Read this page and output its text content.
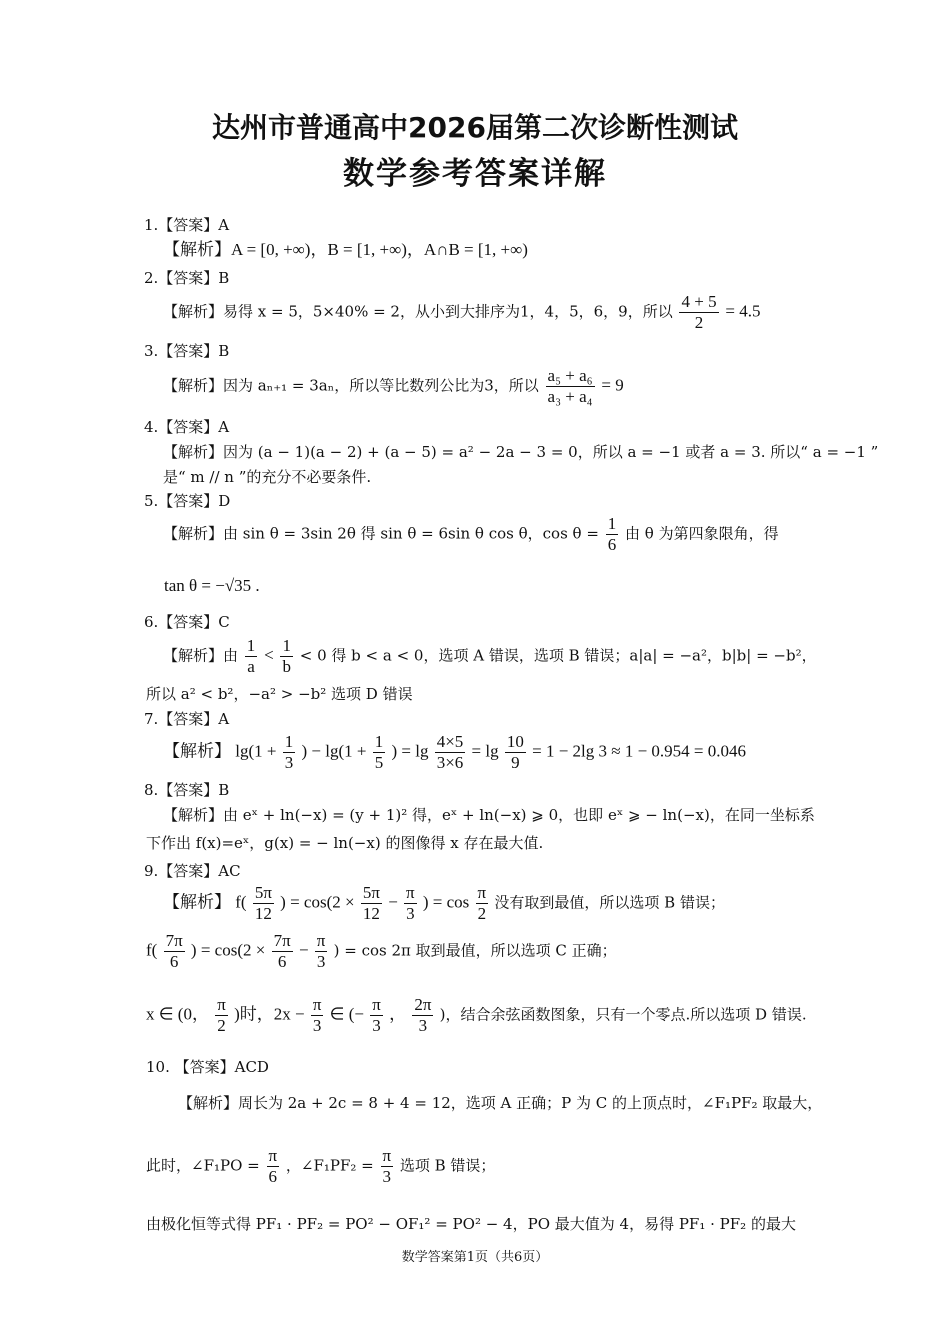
达州市普通高中2026届第二次诊断性测试
数学参考答案详解
1.【答案】A
【解析】A = [0, +∞)，B = [1, +∞)，A∩B = [1, +∞)
2.【答案】B
【解析】易得 x = 5，5×40% = 2，从小到大排序为1，4，5，6，9，所以 $\frac{4 + 5}{2} = 4.5$
3.【答案】B
【解析】因为 aₙ₊₁ = 3aₙ，所以等比数列公比为3，所以 $\frac{\text{a₅ + a₆}}{\text{a₃ + a₄}} = 9$
4.【答案】A
【解析】因为 (a − 1)(a − 2) + (a − 5) = a² − 2a − 3 = 0，所以 a = −1 或者 a = 3. 所以“ a = −1 ”
是“ m // n ”的充分不必要条件.
5.【答案】D
【解析】由 sin θ = 3sin 2θ 得 sin θ = 6sin θ cos θ，$\cos \theta = \frac{1}{6}$ 由 θ 为第四象限角，得
tan θ = −√35 .
6.【答案】C
【解析】由 $\frac{1}{a} < \frac{1}{b} < 0$ 得 b < a < 0，选项 A 错误，选项 B 错误；a|a| = −a²，b|b| = −b²，
所以 a² < b²，−a² > −b² 选项 D 错误
7.【答案】A
【解析】 $\lg(1 + \frac{1}{3}$ ) − $\lg(1 + \frac{1}{5}$ ) = $\lg \frac{4\times 5}{3\times 6} = \lg \frac{10}{9} = 1 - 2\lg$ 3 ≈ 1 − 0.954 = 0.046
8.【答案】B
【解析】由 eˣ + ln(−x) = (y + 1)² 得，eˣ + ln(−x) ⩾ 0，也即 eˣ ⩾ − ln(−x)，在同一坐标系
下作出 f(x)=eˣ，g(x) = − ln(−x) 的图像得 x 存在最大值.
9.【答案】AC
【解析】 $f( \frac{5\pi}{12}$ ) = $\cos(2 \times \frac{5\pi}{12} - \frac{\pi}{3}$ ) = $\cos \frac{\pi}{2}$ 没有取到最值，所以选项 B 错误；
$f( \frac{7\pi}{6}$ ) = $\cos(2 \times \frac{7\pi}{6} - \frac{\pi}{3}$ ) = cos 2π 取到最值，所以选项 C 正确；
x ∈ (0， $\frac{\pi}{2}$ )时，$2x - \frac{\pi}{3}$ ∈ (− $\frac{\pi}{3}$ ， $\frac{2\pi}{3}$ )，结合余弦函数图象，只有一个零点.所以选项 D 错误.
10. 【答案】ACD
【解析】周长为 2a + 2c = 8 + 4 = 12，选项 A 正确；P 为 C 的上顶点时，∠F₁PF₂ 取最大，
此时，∠F₁PO = $\frac{\pi}{6}$ ，∠F₁PF₂ = $\frac{\pi}{3}$ 选项 B 错误；
由极化恒等式得 PF₁ · PF₂ = PO² − OF₁² = PO² − 4，PO 最大值为 4，易得 PF₁ · PF₂ 的最大
数学答案第1页（共6页）
